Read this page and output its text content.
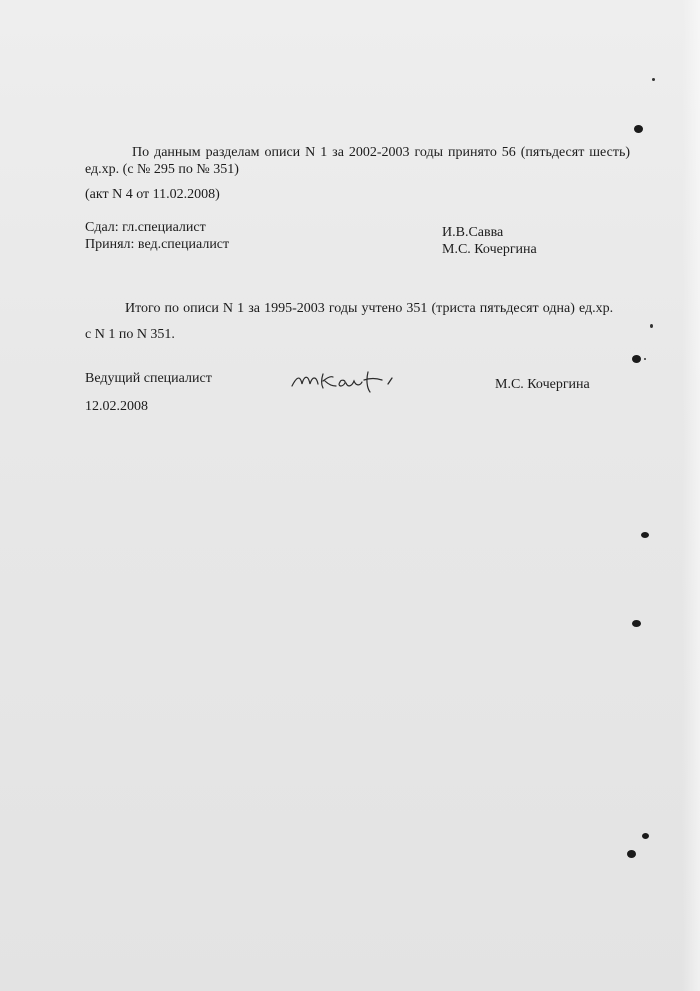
По данным разделам описи N 1 за 2002-2003 годы принято 56 (пятьдесят шесть) ед.хр. (с № 295 по № 351)
(акт N 4 от 11.02.2008)
Сдал: гл.специалист	И.В.Савва
Принял: вед.специалист	М.С. Кочергина
Итого по описи N 1 за 1995-2003 годы учтено 351 (триста пятьдесят одна) ед.хр.
с N 1 по N 351.
Ведущий специалист	М.С. Кочергина
12.02.2008
